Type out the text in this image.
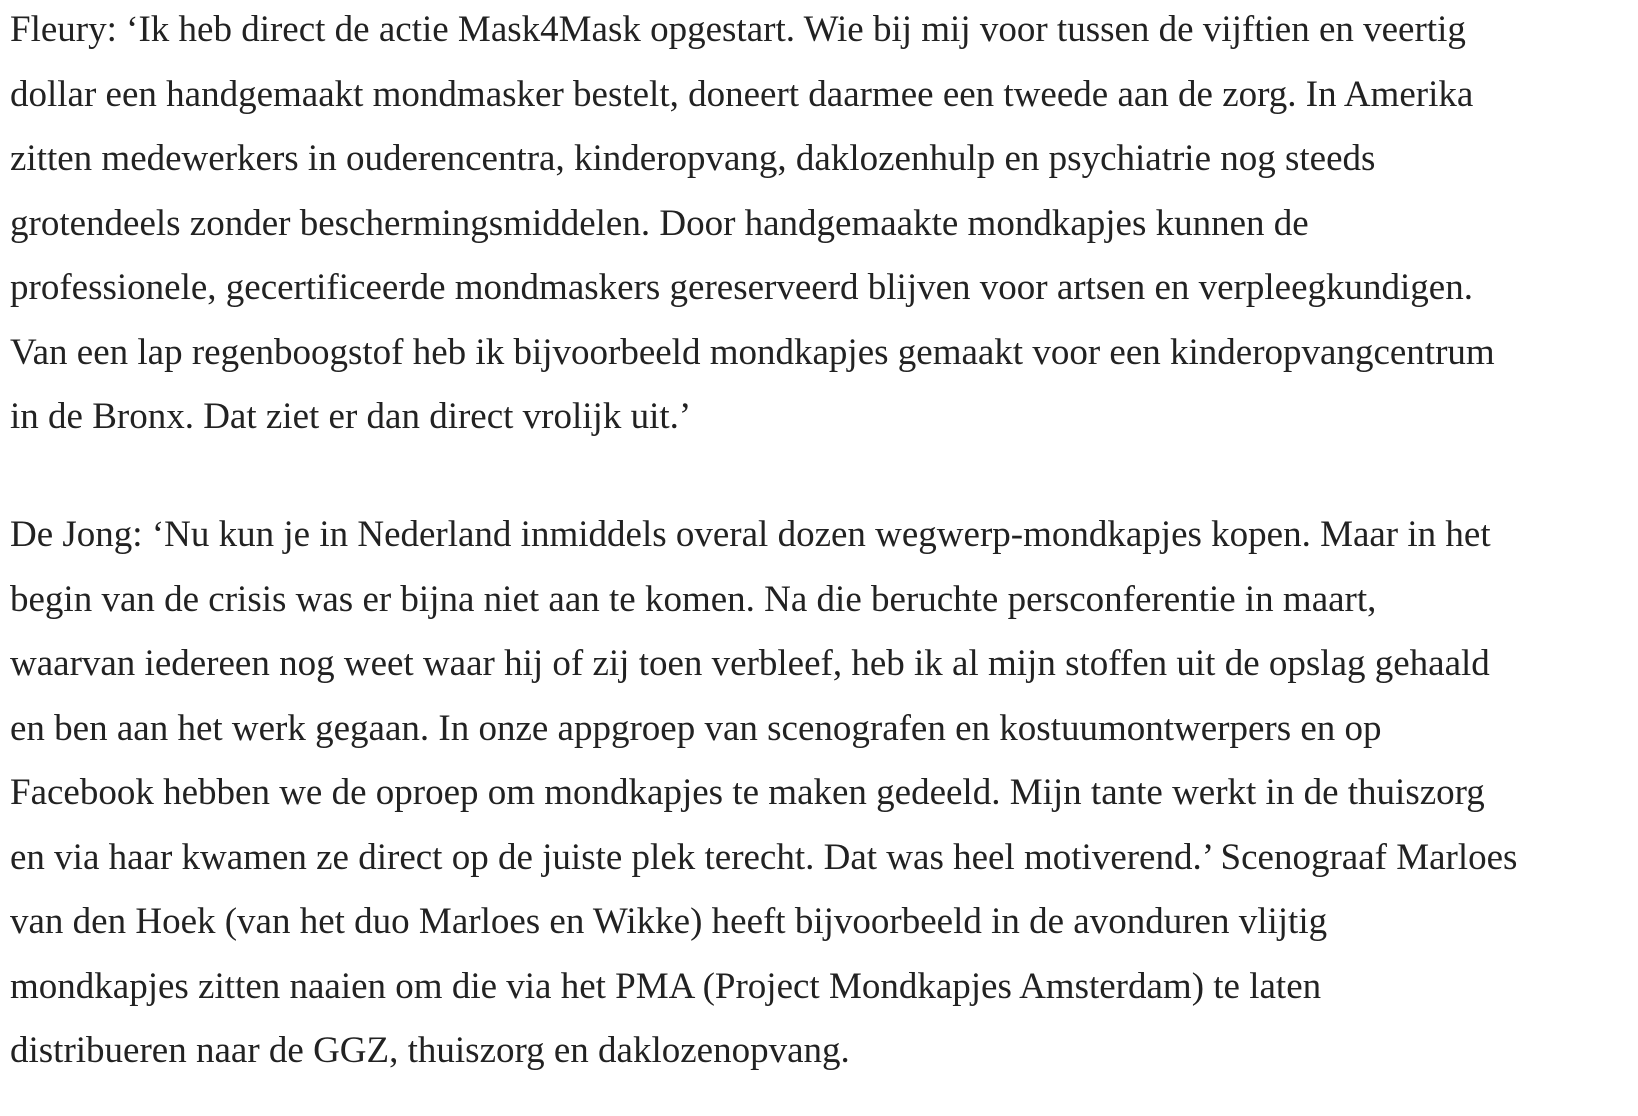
Fleury: ‘Ik heb direct de actie Mask4Mask opgestart. Wie bij mij voor tussen de vijftien en veertig
dollar een handgemaakt mondmasker bestelt, doneert daarmee een tweede aan de zorg. In Amerika
zitten medewerkers in ouderencentra, kinderopvang, daklozenhulp en psychiatrie nog steeds
grotendeels zonder beschermingsmiddelen. Door handgemaakte mondkapjes kunnen de
professionele, gecertificeerde mondmaskers gereserveerd blijven voor artsen en verpleegkundigen.
Van een lap regenboogstof heb ik bijvoorbeeld mondkapjes gemaakt voor een kinderopvangcentrum
in de Bronx. Dat ziet er dan direct vrolijk uit.’

De Jong: ‘Nu kun je in Nederland inmiddels overal dozen wegwerp-mondkapjes kopen. Maar in het
begin van de crisis was er bijna niet aan te komen. Na die beruchte persconferentie in maart,
waarvan iedereen nog weet waar hij of zij toen verbleef, heb ik al mijn stoffen uit de opslag gehaald
en ben aan het werk gegaan. In onze appgroep van scenografen en kostuumontwerpers en op
Facebook hebben we de oproep om mondkapjes te maken gedeeld. Mijn tante werkt in de thuiszorg
en via haar kwamen ze direct op de juiste plek terecht. Dat was heel motiverend.’ Scenograaf Marloes
van den Hoek (van het duo Marloes en Wikke) heeft bijvoorbeeld in de avonduren vlijtig
mondkapjes zitten naaien om die via het PMA (Project Mondkapjes Amsterdam) te laten
distribueren naar de GGZ, thuiszorg en daklozenopvang.
